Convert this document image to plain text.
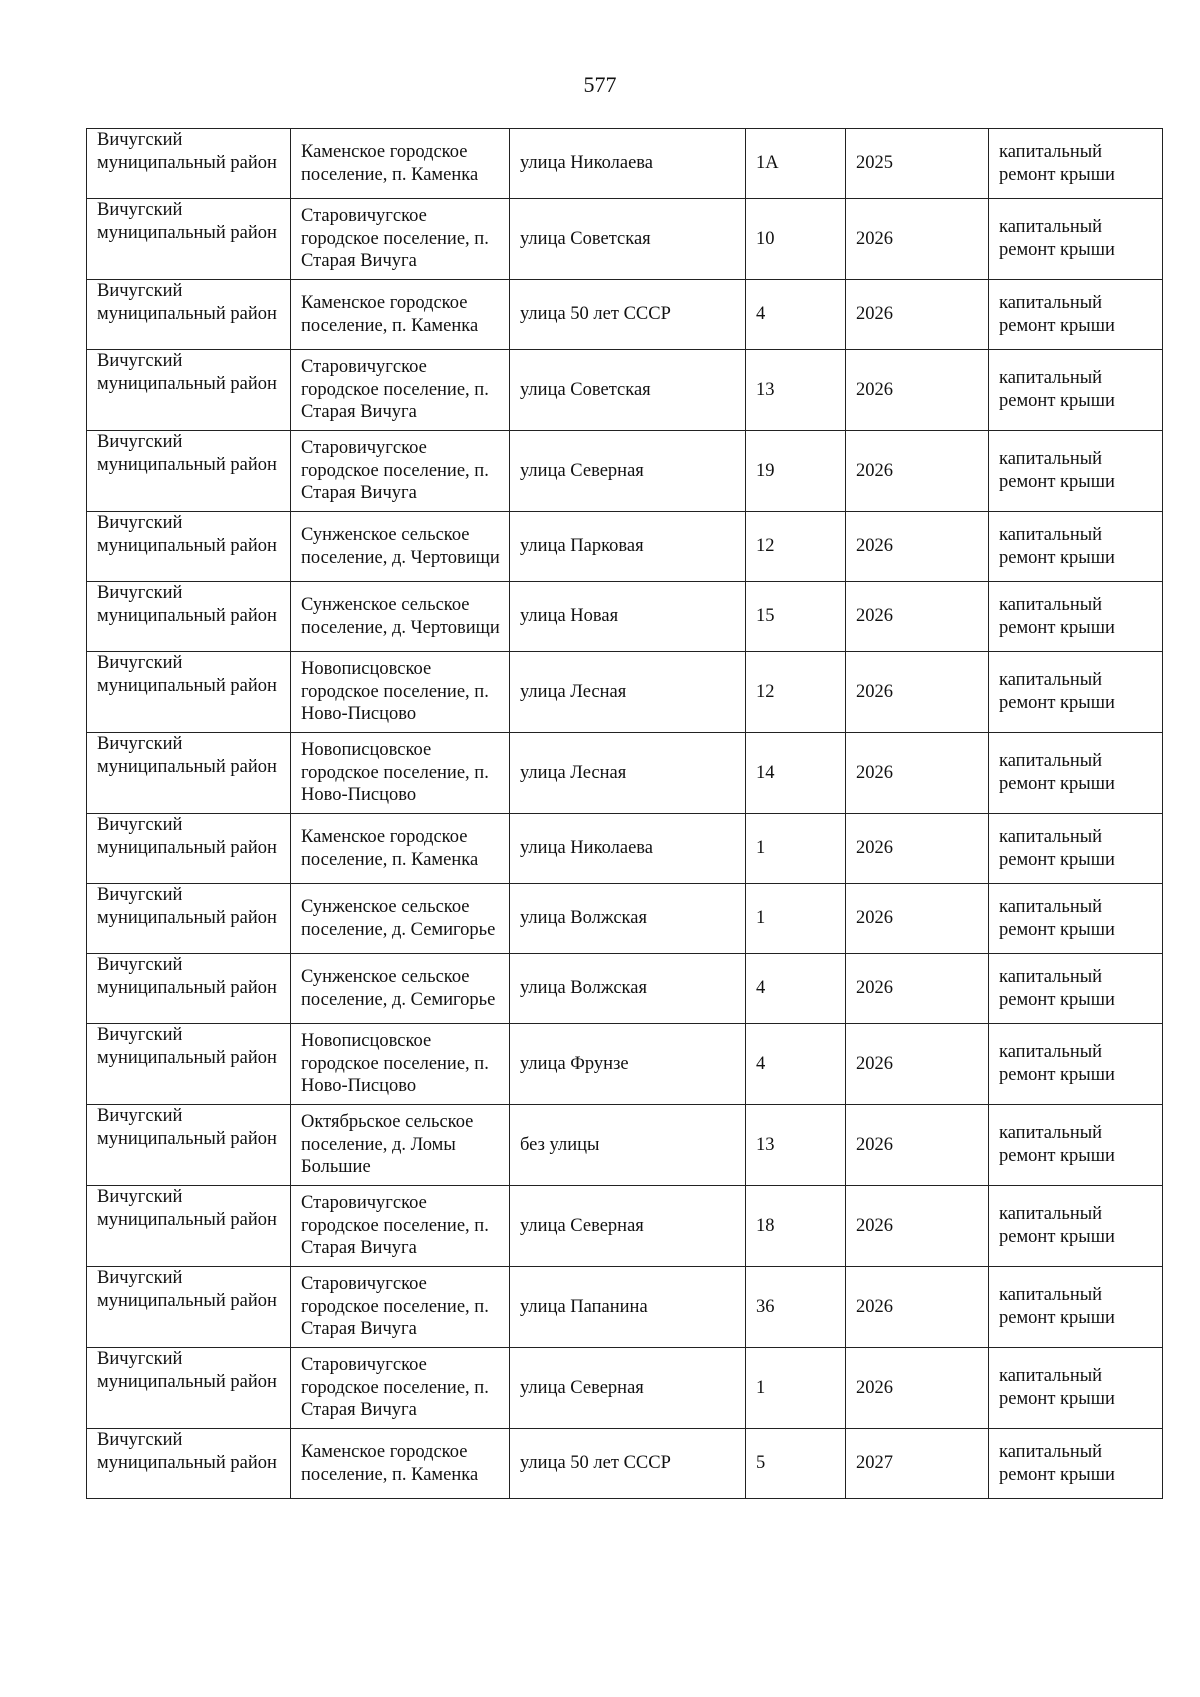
577
Вичугский муниципальный район	Каменское городское поселение, п. Каменка	улица Николаева	1А	2025	капитальный ремонт крыши
Вичугский муниципальный район	Старовичугское городское поселение, п. Старая Вичуга	улица Советская	10	2026	капитальный ремонт крыши
Вичугский муниципальный район	Каменское городское поселение, п. Каменка	улица 50 лет СССР	4	2026	капитальный ремонт крыши
Вичугский муниципальный район	Старовичугское городское поселение, п. Старая Вичуга	улица Советская	13	2026	капитальный ремонт крыши
Вичугский муниципальный район	Старовичугское городское поселение, п. Старая Вичуга	улица Северная	19	2026	капитальный ремонт крыши
Вичугский муниципальный район	Сунженское сельское поселение, д. Чертовищи	улица Парковая	12	2026	капитальный ремонт крыши
Вичугский муниципальный район	Сунженское сельское поселение, д. Чертовищи	улица Новая	15	2026	капитальный ремонт крыши
Вичугский муниципальный район	Новописцовское городское поселение, п. Ново-Писцово	улица Лесная	12	2026	капитальный ремонт крыши
Вичугский муниципальный район	Новописцовское городское поселение, п. Ново-Писцово	улица Лесная	14	2026	капитальный ремонт крыши
Вичугский муниципальный район	Каменское городское поселение, п. Каменка	улица Николаева	1	2026	капитальный ремонт крыши
Вичугский муниципальный район	Сунженское сельское поселение, д. Семигорье	улица Волжская	1	2026	капитальный ремонт крыши
Вичугский муниципальный район	Сунженское сельское поселение, д. Семигорье	улица Волжская	4	2026	капитальный ремонт крыши
Вичугский муниципальный район	Новописцовское городское поселение, п. Ново-Писцово	улица Фрунзе	4	2026	капитальный ремонт крыши
Вичугский муниципальный район	Октябрьское сельское поселение, д. Ломы Большие	без улицы	13	2026	капитальный ремонт крыши
Вичугский муниципальный район	Старовичугское городское поселение, п. Старая Вичуга	улица Северная	18	2026	капитальный ремонт крыши
Вичугский муниципальный район	Старовичугское городское поселение, п. Старая Вичуга	улица Папанина	36	2026	капитальный ремонт крыши
Вичугский муниципальный район	Старовичугское городское поселение, п. Старая Вичуга	улица Северная	1	2026	капитальный ремонт крыши
Вичугский муниципальный район	Каменское городское поселение, п. Каменка	улица 50 лет СССР	5	2027	капитальный ремонт крыши
